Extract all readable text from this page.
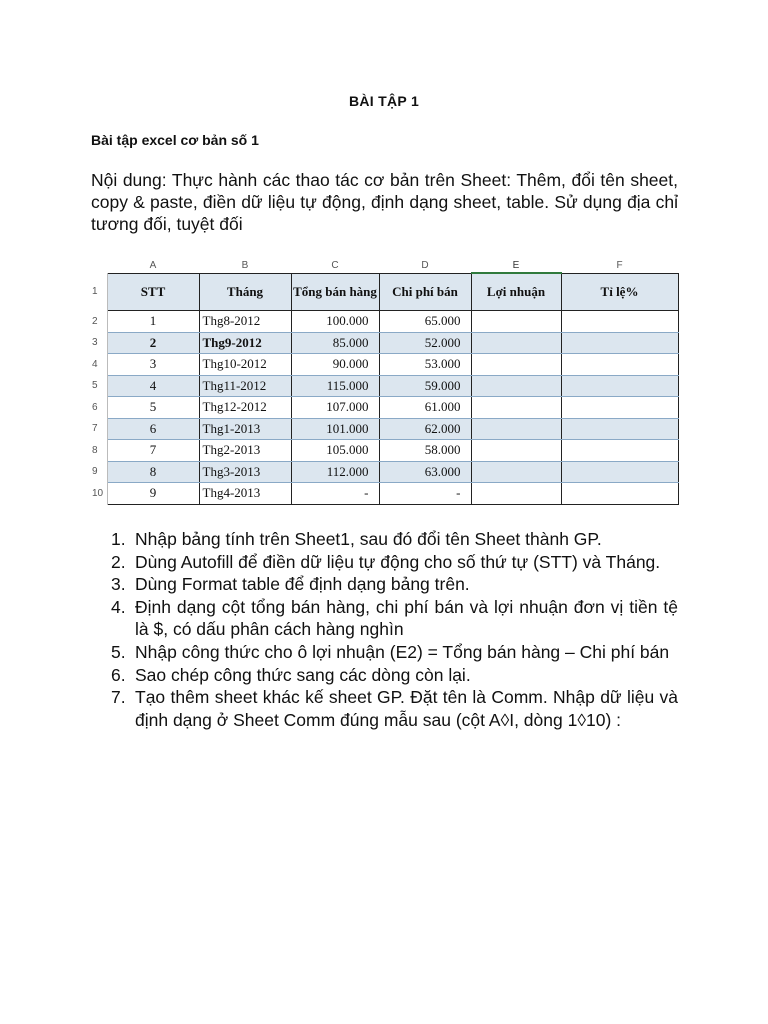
BÀI TẬP 1
Bài tập excel cơ bản số 1
Nội dung: Thực hành các thao tác cơ bản trên Sheet: Thêm, đổi tên sheet, copy & paste, điền dữ liệu tự động, định dạng sheet, table. Sử dụng địa chỉ tương đối, tuyệt đối
	A	B	C	D	E	F
1	STT	Tháng	Tổng bán hàng	Chi phí bán	Lợi nhuận	Tỉ lệ%
2	1	Thg8-2012	100.000	65.000		
3	2	Thg9-2012	85.000	52.000		
4	3	Thg10-2012	90.000	53.000		
5	4	Thg11-2012	115.000	59.000		
6	5	Thg12-2012	107.000	61.000		
7	6	Thg1-2013	101.000	62.000		
8	7	Thg2-2013	105.000	58.000		
9	8	Thg3-2013	112.000	63.000		
10	9	Thg4-2013	-	-		
1. Nhập bảng tính trên Sheet1, sau đó đổi tên Sheet thành GP.
2. Dùng Autofill để điền dữ liệu tự động cho số thứ tự (STT) và Tháng.
3. Dùng Format table để định dạng bảng trên.
4. Định dạng cột tổng bán hàng, chi phí bán và lợi nhuận đơn vị tiền tệ là $, có dấu phân cách hàng nghìn
5. Nhập công thức cho ô lợi nhuận (E2) = Tổng bán hàng – Chi phí bán
6. Sao chép công thức sang các dòng còn lại.
7. Tạo thêm sheet khác kế sheet GP. Đặt tên là Comm. Nhập dữ liệu và định dạng ở Sheet Comm đúng mẫu sau (cột A◊I, dòng 1◊10) :
